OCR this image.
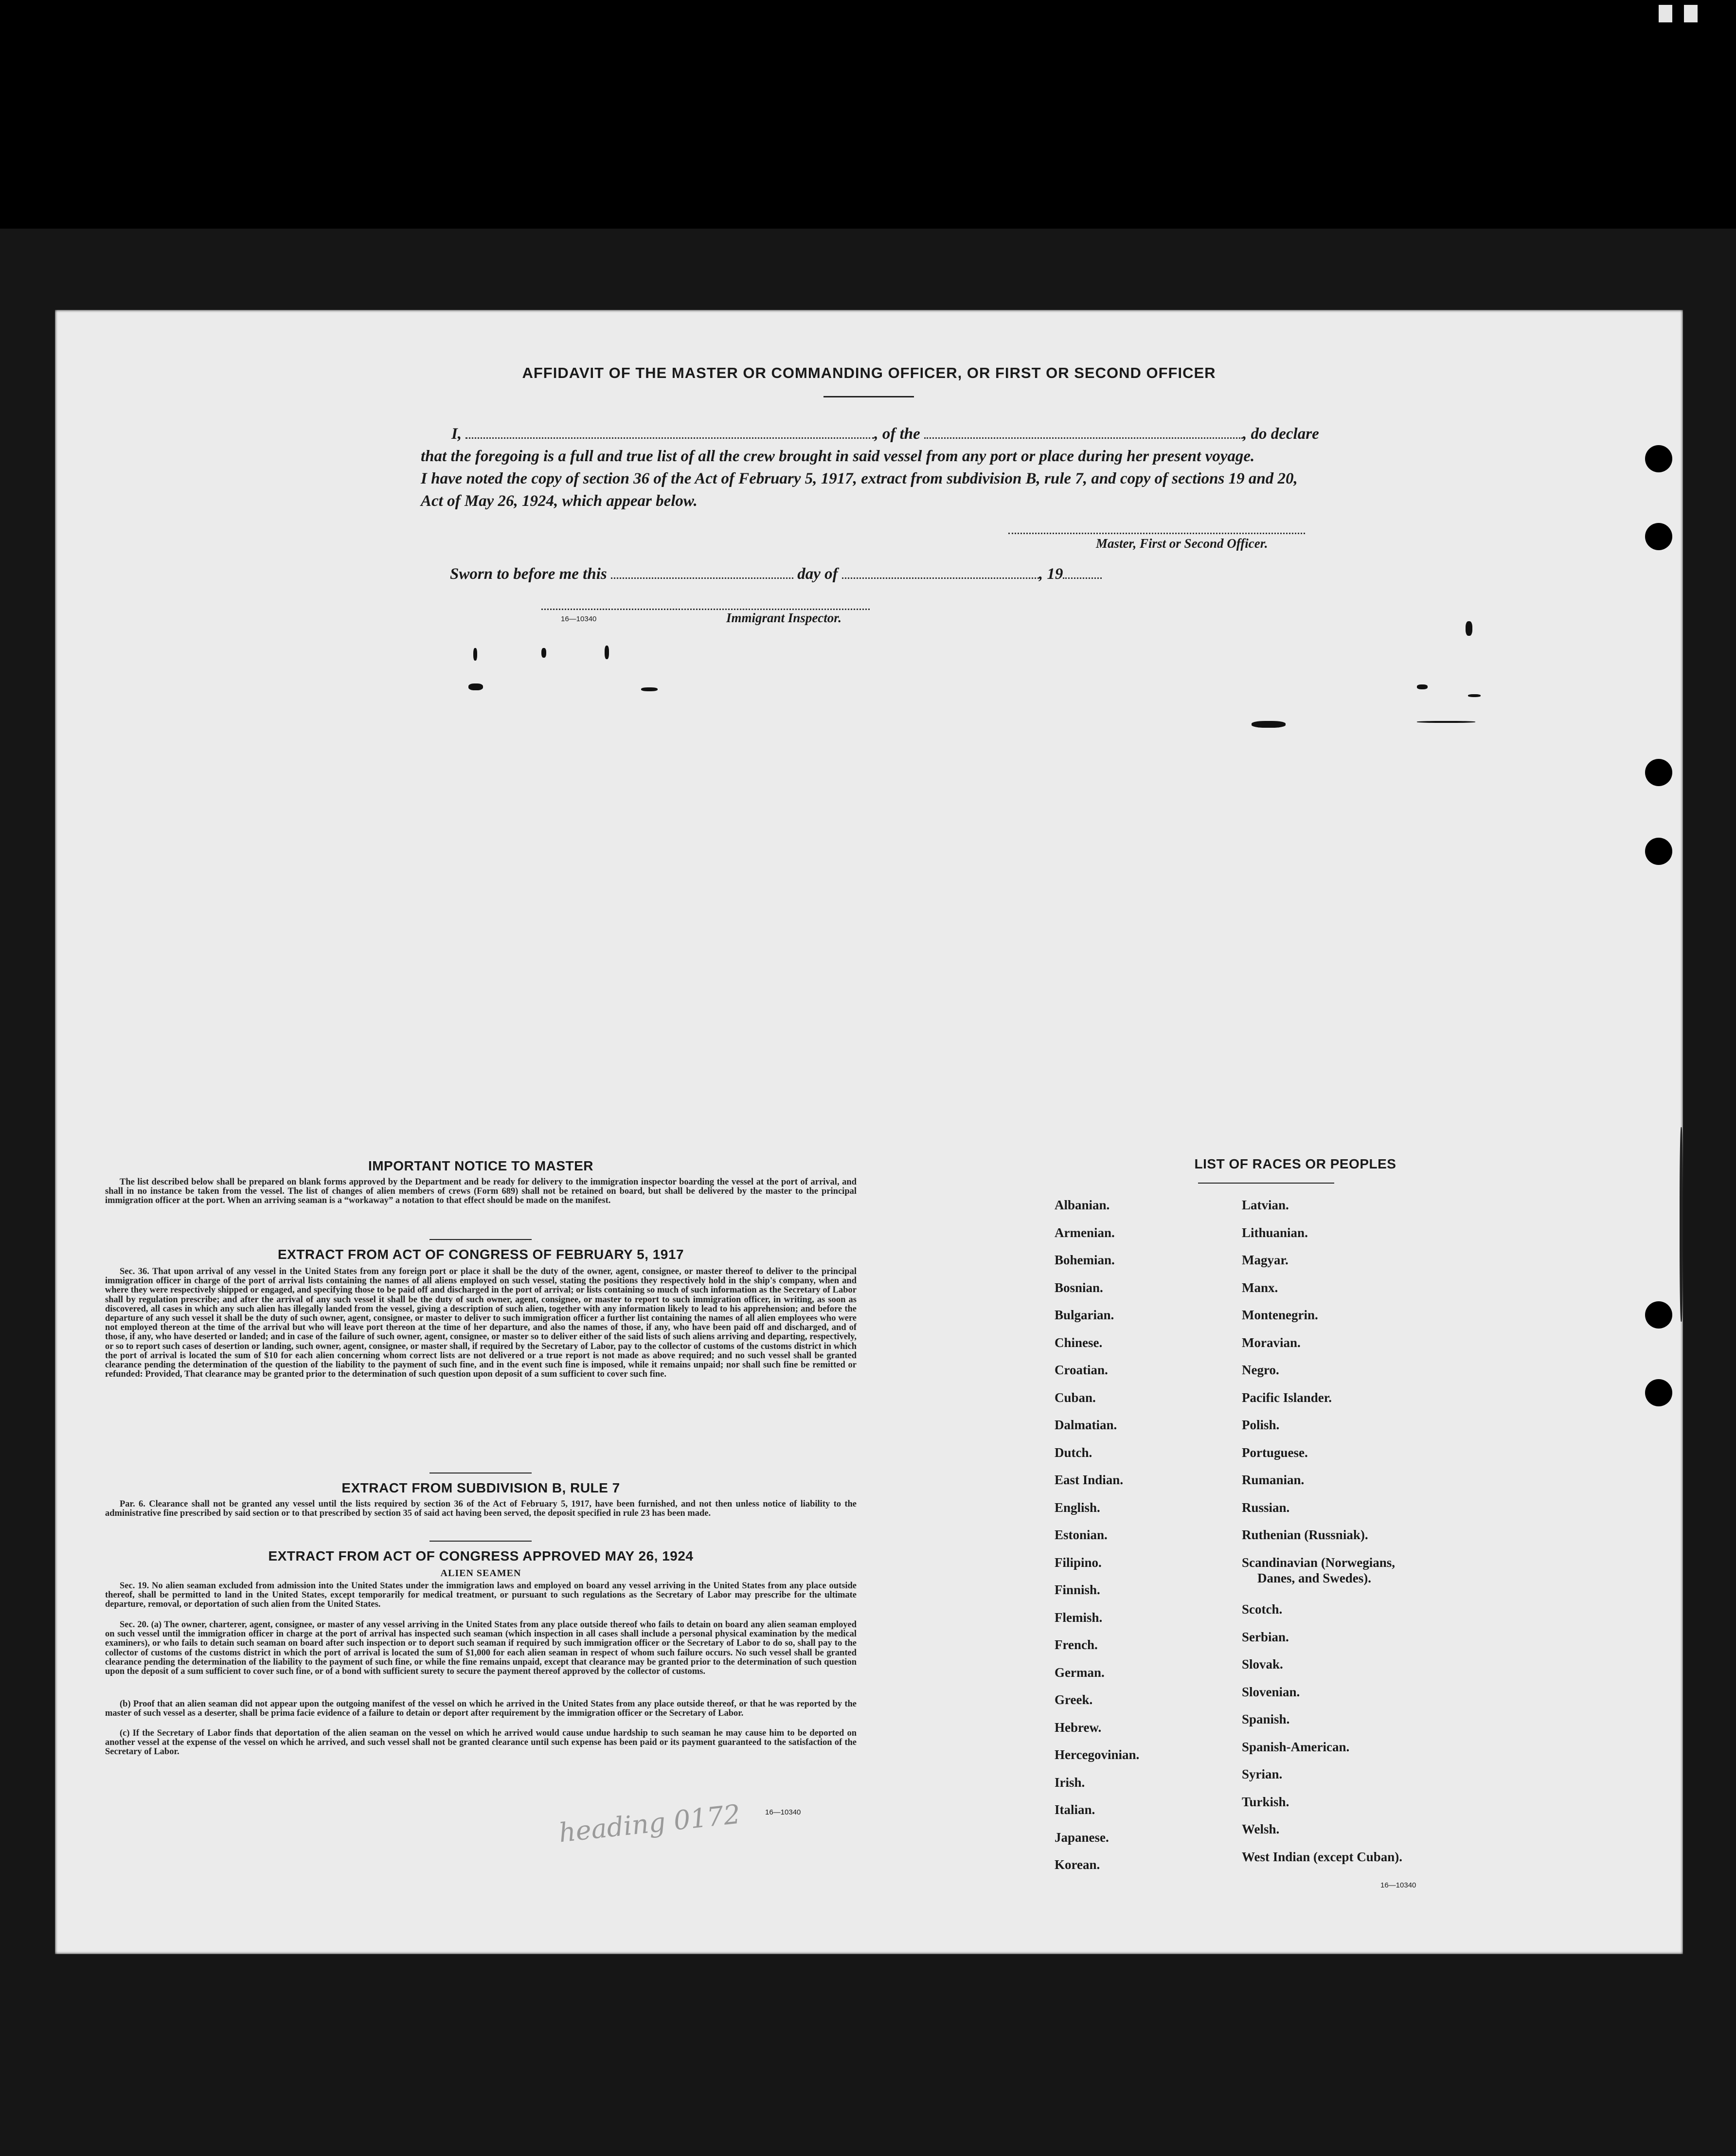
AFFIDAVIT OF THE MASTER OR COMMANDING OFFICER, OR FIRST OR SECOND OFFICER
I,	, of the	, do declare
that the foregoing is a full and true list of all the crew brought in said vessel from any port or place during her present voyage.
I have noted the copy of section 36 of the Act of February 5, 1917, extract from subdivision B, rule 7, and copy of sections 19 and 20,
Act of May 26, 1924, which appear below.
Master, First or Second Officer.
Sworn to before me this	day of	, 19
16—10340	Immigrant Inspector.
IMPORTANT NOTICE TO MASTER
The list described below shall be prepared on blank forms approved by the Department and be ready for delivery to the immigration inspector boarding the vessel at the port of arrival, and shall in no instance be taken from the vessel. The list of changes of alien members of crews (Form 689) shall not be retained on board, but shall be delivered by the master to the principal immigration officer at the port. When an arriving seaman is a “workaway” a notation to that effect should be made on the manifest.
EXTRACT FROM ACT OF CONGRESS OF FEBRUARY 5, 1917
Sec. 36. That upon arrival of any vessel in the United States from any foreign port or place it shall be the duty of the owner, agent, consignee, or master thereof to deliver to the principal immigration officer in charge of the port of arrival lists containing the names of all aliens employed on such vessel, stating the positions they respectively hold in the ship's company, when and where they were respectively shipped or engaged, and specifying those to be paid off and discharged in the port of arrival; or lists containing so much of such information as the Secretary of Labor shall by regulation prescribe; and after the arrival of any such vessel it shall be the duty of such owner, agent, consignee, or master to report to such immigration officer, in writing, as soon as discovered, all cases in which any such alien has illegally landed from the vessel, giving a description of such alien, together with any information likely to lead to his apprehension; and before the departure of any such vessel it shall be the duty of such owner, agent, consignee, or master to deliver to such immigration officer a further list containing the names of all alien employees who were not employed thereon at the time of the arrival but who will leave port thereon at the time of her departure, and also the names of those, if any, who have been paid off and discharged, and of those, if any, who have deserted or landed; and in case of the failure of such owner, agent, consignee, or master so to deliver either of the said lists of such aliens arriving and departing, respectively, or so to report such cases of desertion or landing, such owner, agent, consignee, or master shall, if required by the Secretary of Labor, pay to the collector of customs of the customs district in which the port of arrival is located the sum of $10 for each alien concerning whom correct lists are not delivered or a true report is not made as above required; and no such vessel shall be granted clearance pending the determination of the question of the liability to the payment of such fine, and in the event such fine is imposed, while it remains unpaid; nor shall such fine be remitted or refunded: Provided, That clearance may be granted prior to the determination of such question upon deposit of a sum sufficient to cover such fine.
EXTRACT FROM SUBDIVISION B, RULE 7
Par. 6. Clearance shall not be granted any vessel until the lists required by section 36 of the Act of February 5, 1917, have been furnished, and not then unless notice of liability to the administrative fine prescribed by said section or to that prescribed by section 35 of said act having been served, the deposit specified in rule 23 has been made.
EXTRACT FROM ACT OF CONGRESS APPROVED MAY 26, 1924
ALIEN SEAMEN
Sec. 19. No alien seaman excluded from admission into the United States under the immigration laws and employed on board any vessel arriving in the United States from any place outside thereof, shall be permitted to land in the United States, except temporarily for medical treatment, or pursuant to such regulations as the Secretary of Labor may prescribe for the ultimate departure, removal, or deportation of such alien from the United States.
Sec. 20. (a) The owner, charterer, agent, consignee, or master of any vessel arriving in the United States from any place outside thereof who fails to detain on board any alien seaman employed on such vessel until the immigration officer in charge at the port of arrival has inspected such seaman (which inspection in all cases shall include a personal physical examination by the medical examiners), or who fails to detain such seaman on board after such inspection or to deport such seaman if required by such immigration officer or the Secretary of Labor to do so, shall pay to the collector of customs of the customs district in which the port of arrival is located the sum of $1,000 for each alien seaman in respect of whom such failure occurs. No such vessel shall be granted clearance pending the determination of the liability to the payment of such fine, or while the fine remains unpaid, except that clearance may be granted prior to the determination of such question upon the deposit of a sum sufficient to cover such fine, or of a bond with sufficient surety to secure the payment thereof approved by the collector of customs.
(b) Proof that an alien seaman did not appear upon the outgoing manifest of the vessel on which he arrived in the United States from any place outside thereof, or that he was reported by the master of such vessel as a deserter, shall be prima facie evidence of a failure to detain or deport after requirement by the immigration officer or the Secretary of Labor.
(c) If the Secretary of Labor finds that deportation of the alien seaman on the vessel on which he arrived would cause undue hardship to such seaman he may cause him to be deported on another vessel at the expense of the vessel on which he arrived, and such vessel shall not be granted clearance until such expense has been paid or its payment guaranteed to the satisfaction of the Secretary of Labor.
16—10340
heading 0172
LIST OF RACES OR PEOPLES
16—10340
Albanian.
Armenian.
Bohemian.
Bosnian.
Bulgarian.
Chinese.
Croatian.
Cuban.
Dalmatian.
Dutch.
East Indian.
English.
Estonian.
Filipino.
Finnish.
Flemish.
French.
German.
Greek.
Hebrew.
Hercegovinian.
Irish.
Italian.
Japanese.
Korean.
Latvian.
Lithuanian.
Magyar.
Manx.
Montenegrin.
Moravian.
Negro.
Pacific Islander.
Polish.
Portuguese.
Rumanian.
Russian.
Ruthenian (Russniak).
Scandinavian (Norwegians,
Danes, and Swedes).
Scotch.
Serbian.
Slovak.
Slovenian.
Spanish.
Spanish-American.
Syrian.
Turkish.
Welsh.
West Indian (except Cuban).
